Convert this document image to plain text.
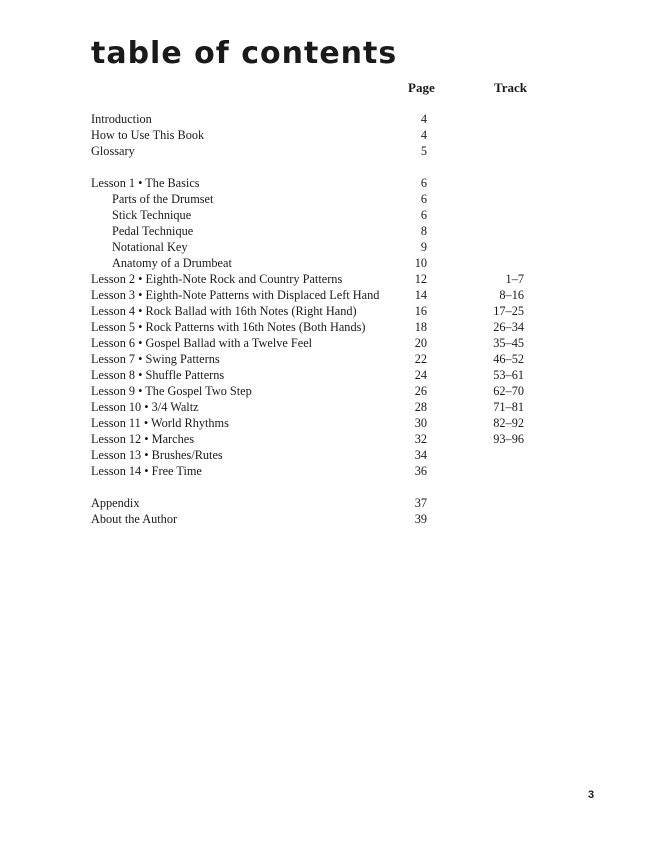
table of contents
Page	Track
Introduction	4
How to Use This Book	4
Glossary	5
Lesson 1 • The Basics	6
Parts of the Drumset	6
Stick Technique	6
Pedal Technique	8
Notational Key	9
Anatomy of a Drumbeat	10
Lesson 2 • Eighth-Note Rock and Country Patterns	12	1–7
Lesson 3 • Eighth-Note Patterns with Displaced Left Hand	14	8–16
Lesson 4 • Rock Ballad with 16th Notes (Right Hand)	16	17–25
Lesson 5 • Rock Patterns with 16th Notes (Both Hands)	18	26–34
Lesson 6 • Gospel Ballad with a Twelve Feel	20	35–45
Lesson 7 • Swing Patterns	22	46–52
Lesson 8 • Shuffle Patterns	24	53–61
Lesson 9 • The Gospel Two Step	26	62–70
Lesson 10 • 3/4 Waltz	28	71–81
Lesson 11 • World Rhythms	30	82–92
Lesson 12 • Marches	32	93–96
Lesson 13 • Brushes/Rutes	34
Lesson 14 • Free Time	36
Appendix	37
About the Author	39
3
